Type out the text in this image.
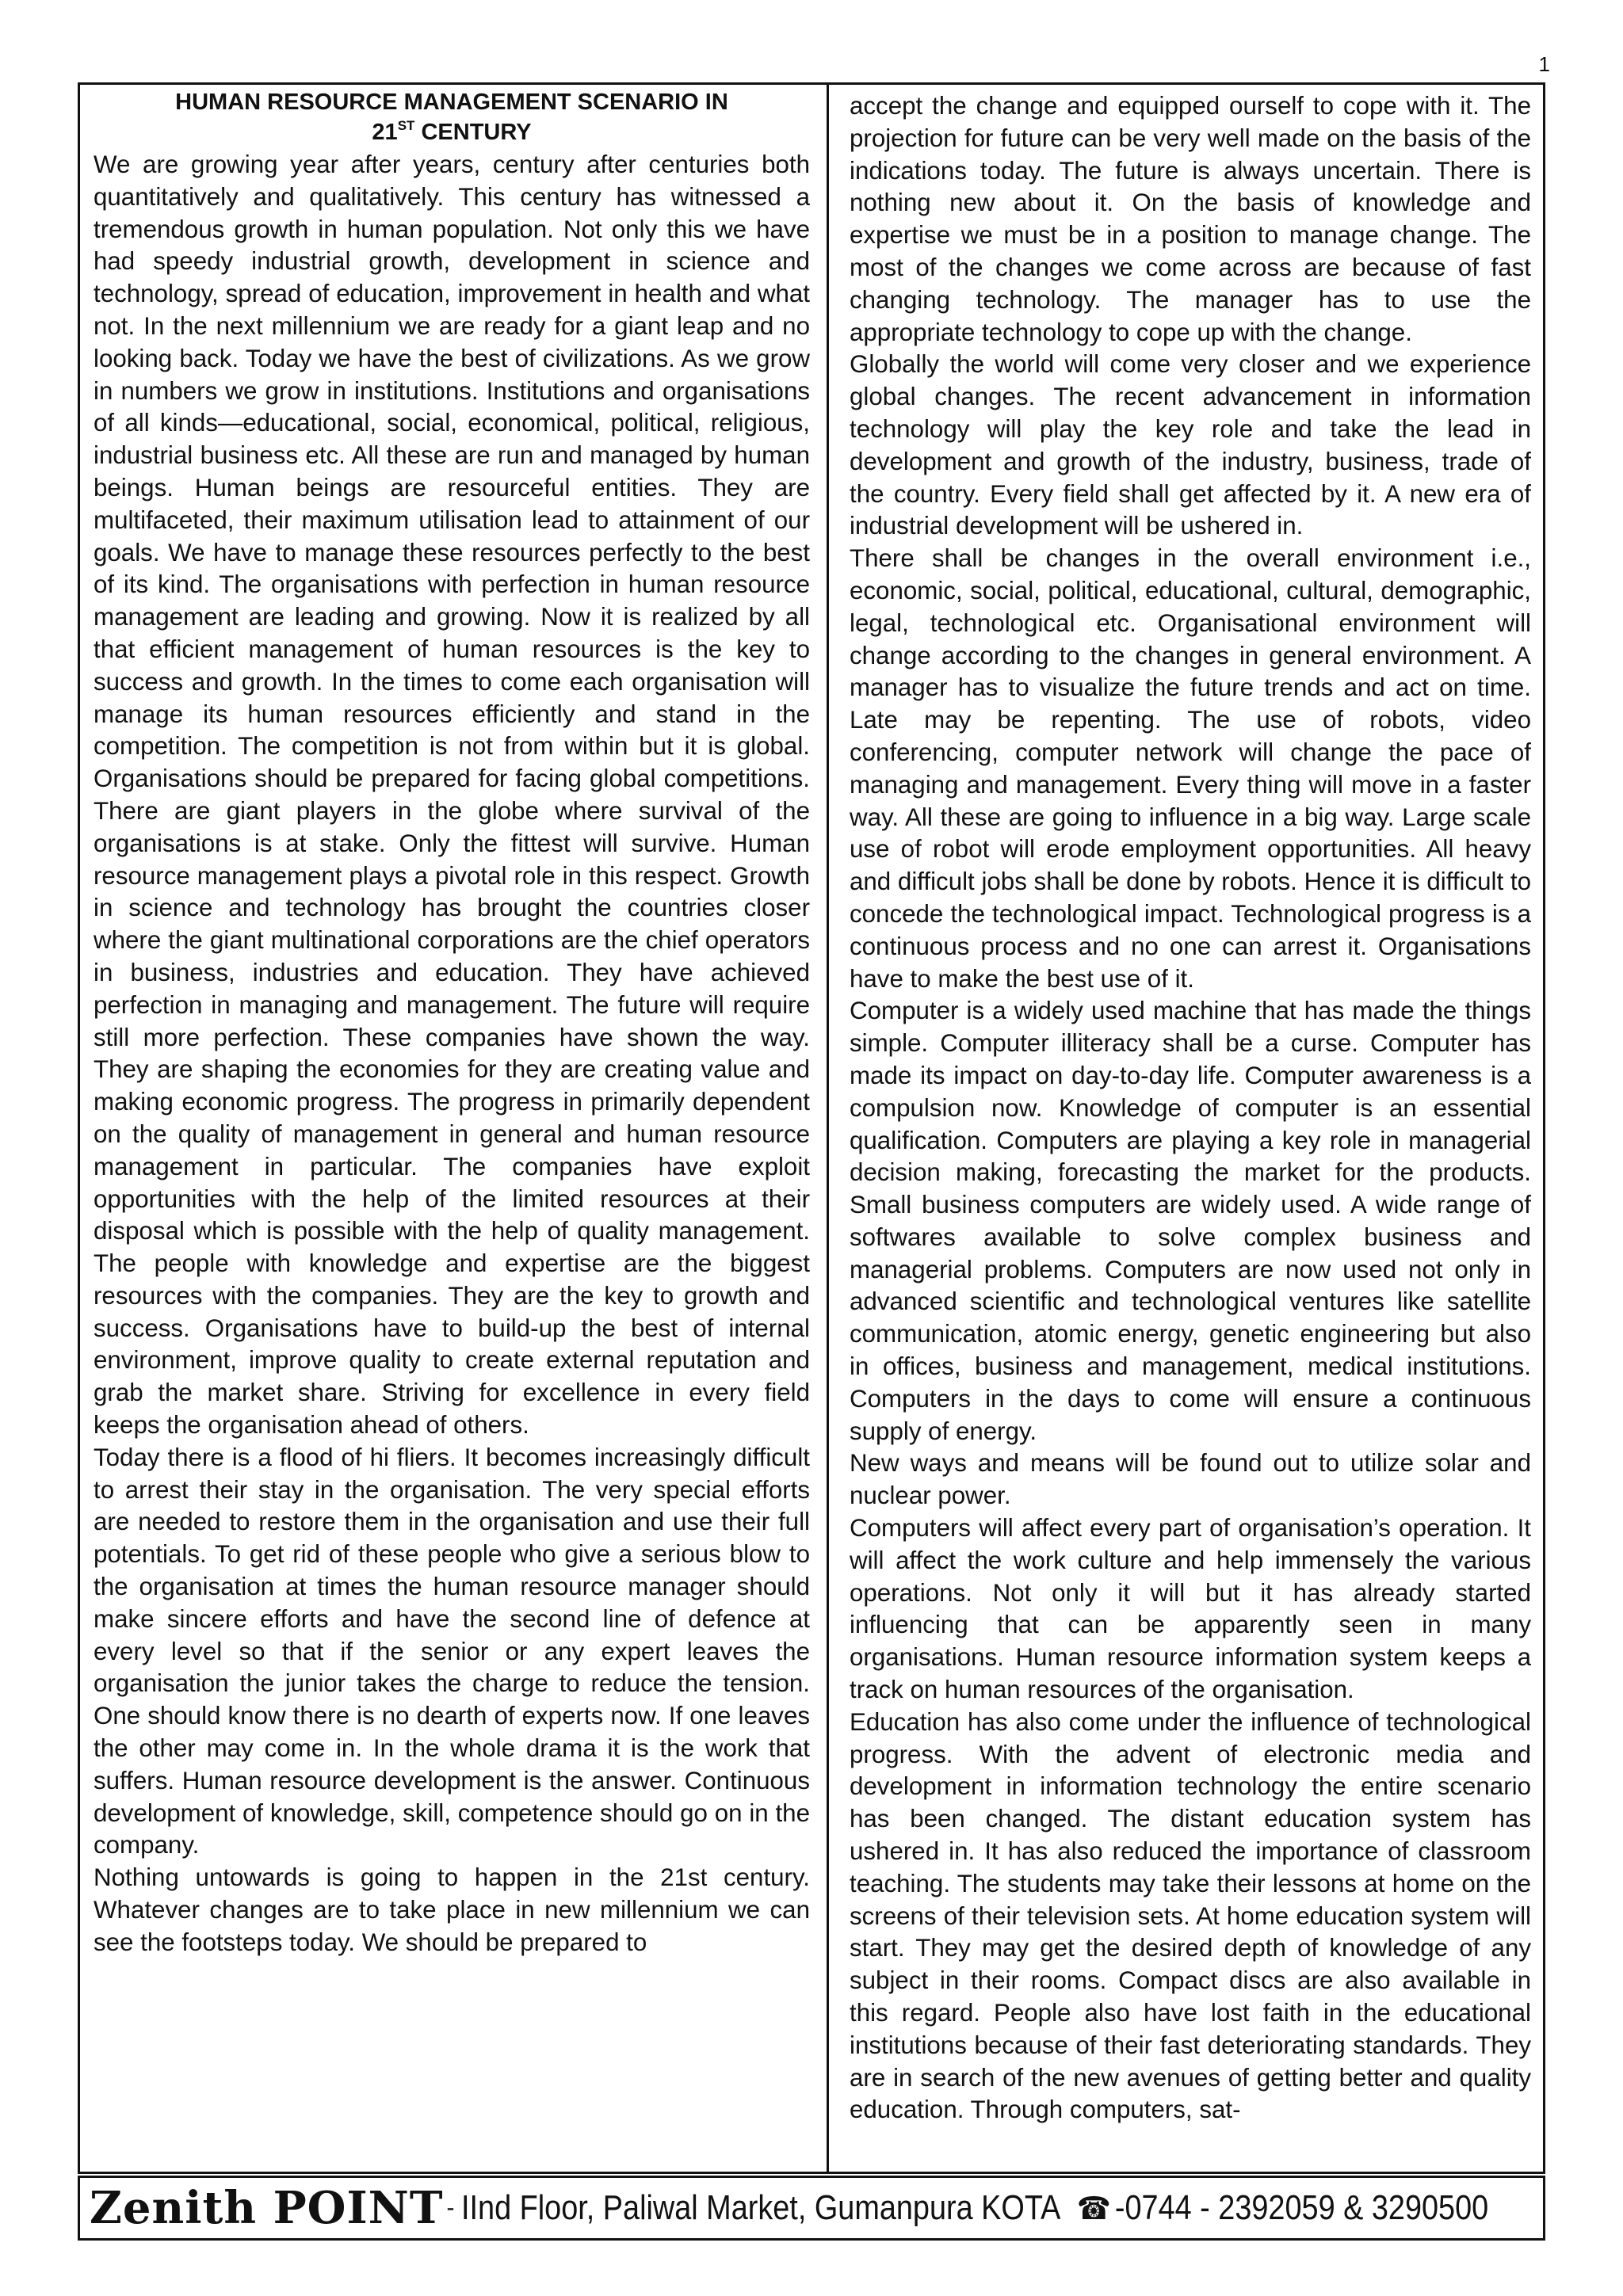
1
HUMAN RESOURCE MANAGEMENT SCENARIO IN
21ST CENTURY

We are growing year after years, century after centuries both quantitatively and qualitatively. This century has witnessed a tremendous growth in human population. Not only this we have had speedy industrial growth, development in science and technology, spread of education, improvement in health and what not. In the next millennium we are ready for a giant leap and no looking back. Today we have the best of civilizations. As we grow in numbers we grow in institutions. Institutions and organisations of all kinds—educational, social, economical, political, religious, industrial business etc. All these are run and managed by human beings. Human beings are resourceful entities. They are multifaceted, their maximum utilisation lead to attainment of our goals. We have to manage these resources perfectly to the best of its kind. The organisations with perfection in human resource management are leading and growing. Now it is realized by all that efficient management of human resources is the key to success and growth. In the times to come each organisation will manage its human resources efficiently and stand in the competition. The competition is not from within but it is global. Organisations should be prepared for facing global competitions. There are giant players in the globe where survival of the organisations is at stake. Only the fittest will survive. Human resource management plays a pivotal role in this respect. Growth in science and technology has brought the countries closer where the giant multinational corporations are the chief operators in business, industries and education. They have achieved perfection in managing and management. The future will require still more perfection. These companies have shown the way. They are shaping the economies for they are creating value and making economic progress. The progress in primarily dependent on the quality of management in general and human resource management in particular. The companies have exploit opportunities with the help of the limited resources at their disposal which is possible with the help of quality management. The people with knowledge and expertise are the biggest resources with the companies. They are the key to growth and success. Organisations have to build-up the best of internal environment, improve quality to create external reputation and grab the market share. Striving for excellence in every field keeps the organisation ahead of others.

Today there is a flood of hi fliers. It becomes increasingly difficult to arrest their stay in the organisation. The very special efforts are needed to restore them in the organisation and use their full potentials. To get rid of these people who give a serious blow to the organisation at times the human resource manager should make sincere efforts and have the second line of defence at every level so that if the senior or any expert leaves the organisation the junior takes the charge to reduce the tension. One should know there is no dearth of experts now. If one leaves the other may come in. In the whole drama it is the work that suffers. Human resource development is the answer. Continuous development of knowledge, skill, competence should go on in the company.

Nothing untowards is going to happen in the 21st century. Whatever changes are to take place in new millennium we can see the footsteps today. We should be prepared to

accept the change and equipped ourself to cope with it. The projection for future can be very well made on the basis of the indications today. The future is always uncertain. There is nothing new about it. On the basis of knowledge and expertise we must be in a position to manage change. The most of the changes we come across are because of fast changing technology. The manager has to use the appropriate technology to cope up with the change.

Globally the world will come very closer and we experience global changes. The recent advancement in information technology will play the key role and take the lead in development and growth of the industry, business, trade of the country. Every field shall get affected by it. A new era of industrial development will be ushered in.

There shall be changes in the overall environment i.e., economic, social, political, educational, cultural, demographic, legal, technological etc. Organisational environment will change according to the changes in general environment. A manager has to visualize the future trends and act on time. Late may be repenting. The use of robots, video conferencing, computer network will change the pace of managing and management. Every thing will move in a faster way. All these are going to influence in a big way. Large scale use of robot will erode employment opportunities. All heavy and difficult jobs shall be done by robots. Hence it is difficult to concede the technological impact. Technological progress is a continuous process and no one can arrest it. Organisations have to make the best use of it.

Computer is a widely used machine that has made the things simple. Computer illiteracy shall be a curse. Computer has made its impact on day-to-day life. Computer awareness is a compulsion now. Knowledge of computer is an essential qualification. Computers are playing a key role in managerial decision making, forecasting the market for the products. Small business computers are widely used. A wide range of softwares available to solve complex business and managerial problems. Computers are now used not only in advanced scientific and technological ventures like satellite communication, atomic energy, genetic engineering but also in offices, business and management, medical institutions. Computers in the days to come will ensure a continuous supply of energy.

New ways and means will be found out to utilize solar and nuclear power.

Computers will affect every part of organisation’s operation. It will affect the work culture and help immensely the various operations. Not only it will but it has already started influencing that can be apparently seen in many organisations. Human resource information system keeps a track on human resources of the organisation.

Education has also come under the influence of technological progress. With the advent of electronic media and development in information technology the entire scenario has been changed. The distant education system has ushered in. It has also reduced the importance of classroom teaching. The students may take their lessons at home on the screens of their television sets. At home education system will start. They may get the desired depth of knowledge of any subject in their rooms. Compact discs are also available in this regard. People also have lost faith in the educational institutions because of their fast deteriorating standards. They are in search of the new avenues of getting better and quality education. Through computers, sat-

Zenith POINT - IInd Floor, Paliwal Market, Gumanpura KOTA ☎ -0744 - 2392059 & 3290500
